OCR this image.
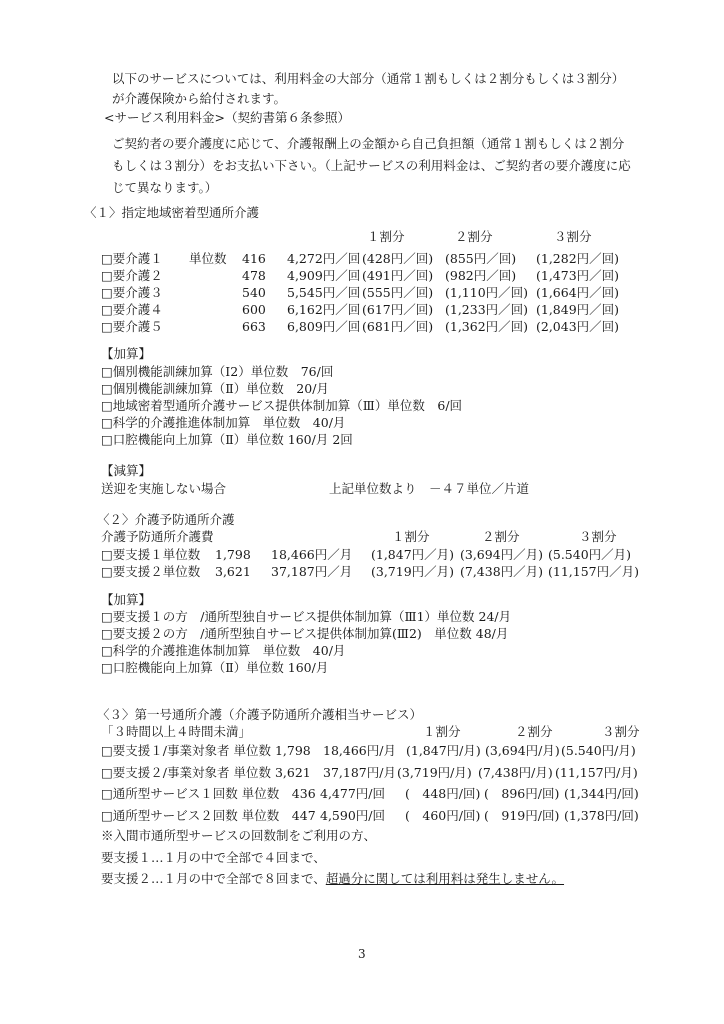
以下のサービスについては、利用料金の大部分（通常１割もしくは２割分もしくは３割分）
が介護保険から給付されます。
<サービス利用料金>（契約書第６条参照）
ご契約者の要介護度に応じて、介護報酬上の金額から自己負担額（通常１割もしくは２割分
もしくは３割分）をお支払い下さい。（上記サービスの利用料金は、ご契約者の要介護度に応
じて異なります。）
〈１〉指定地域密着型通所介護
１割分	２割分	３割分
□要介護１ 単位数 416 4,272円／回 (428円／回) (855円／回) (1,282円／回)
□要介護２	478 4,909円／回 (491円／回) (982円／回) (1,473円／回)
□要介護３	540 5,545円／回 (555円／回) (1,110円／回) (1,664円／回)
□要介護４	600 6,162円／回 (617円／回) (1,233円／回) (1,849円／回)
□要介護５	663 6,809円／回 (681円／回) (1,362円／回) (2,043円／回)
【加算】
□個別機能訓練加算（Ⅰ2）単位数　76/回
□個別機能訓練加算（Ⅱ）単位数　20/月
□地域密着型通所介護サービス提供体制加算（Ⅲ）単位数　6/回
□科学的介護推進体制加算　単位数　40/月
□口腔機能向上加算（Ⅱ）単位数 160/月 2回
【減算】
送迎を実施しない場合	上記単位数より　－４７単位／片道
〈２〉介護予防通所介護
介護予防通所介護費	１割分	２割分	３割分
□要支援１単位数 1,798 18,466円／月 (1,847円／月) (3,694円／月) (5.540円／月)
□要支援２単位数 3,621 37,187円／月 (3,719円／月) (7,438円／月) (11,157円／月)
【加算】
□要支援１の方　/通所型独自サービス提供体制加算（Ⅲ1）単位数 24/月
□要支援２の方　/通所型独自サービス提供体制加算(Ⅲ2)　単位数 48/月
□科学的介護推進体制加算　単位数　40/月
□口腔機能向上加算（Ⅱ）単位数 160/月
〈３〉第一号通所介護（介護予防通所介護相当サービス）
「３時間以上４時間未満」	１割分	２割分	３割分
□要支援１/事業対象者 単位数 1,798 18,466円/月 (1,847円/月) (3,694円/月) (5.540円/月)
□要支援２/事業対象者 単位数 3,621 37,187円/月 (3,719円/月) (7,438円/月) (11,157円/月)
□通所型サービス１回数 単位数　436 4,477円/回 (　448円/回) (　896円/回) (1,344円/回)
□通所型サービス２回数 単位数　447 4,590円/回 (　460円/回) (　919円/回) (1,378円/回)
※入間市通所型サービスの回数制をご利用の方、
要支援１…１月の中で全部で４回まで、
要支援２…１月の中で全部で８回まで、超過分に関しては利用料は発生しません。
3
